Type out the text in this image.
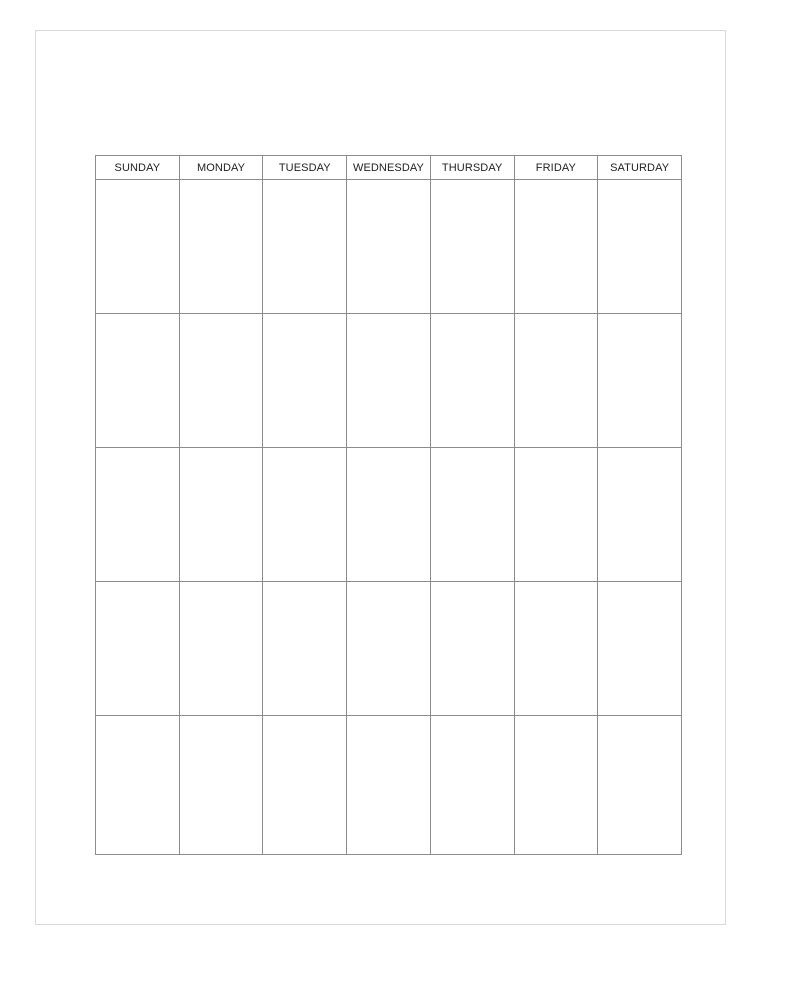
SUNDAY	MONDAY	TUESDAY	WEDNESDAY	THURSDAY	FRIDAY	SATURDAY
